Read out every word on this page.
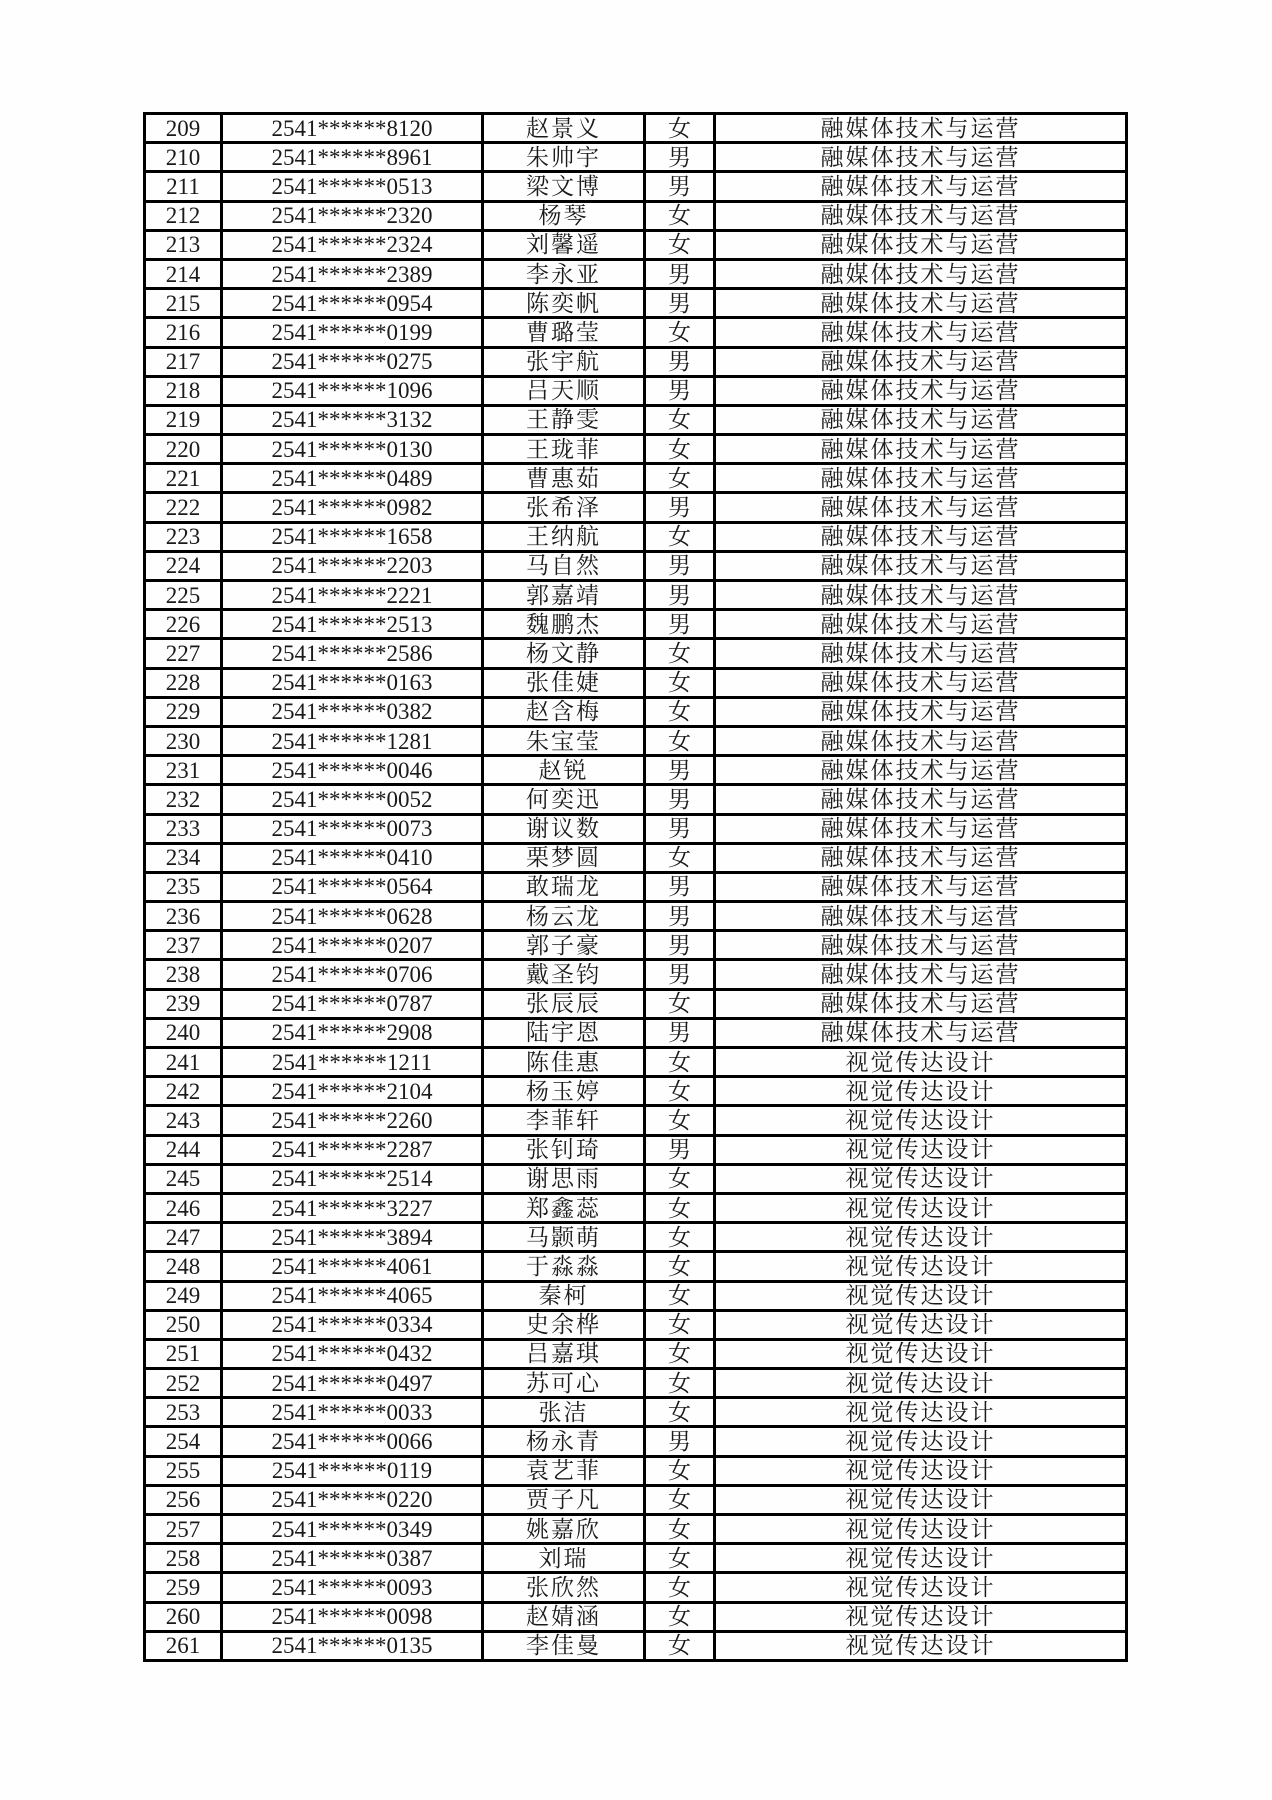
209	2541******8120	赵景义	女	融媒体技术与运营
210	2541******8961	朱帅宇	男	融媒体技术与运营
211	2541******0513	梁文博	男	融媒体技术与运营
212	2541******2320	杨琴	女	融媒体技术与运营
213	2541******2324	刘馨遥	女	融媒体技术与运营
214	2541******2389	李永亚	男	融媒体技术与运营
215	2541******0954	陈奕帆	男	融媒体技术与运营
216	2541******0199	曹璐莹	女	融媒体技术与运营
217	2541******0275	张宇航	男	融媒体技术与运营
218	2541******1096	吕天顺	男	融媒体技术与运营
219	2541******3132	王静雯	女	融媒体技术与运营
220	2541******0130	王珑菲	女	融媒体技术与运营
221	2541******0489	曹惠茹	女	融媒体技术与运营
222	2541******0982	张希泽	男	融媒体技术与运营
223	2541******1658	王纳航	女	融媒体技术与运营
224	2541******2203	马自然	男	融媒体技术与运营
225	2541******2221	郭嘉靖	男	融媒体技术与运营
226	2541******2513	魏鹏杰	男	融媒体技术与运营
227	2541******2586	杨文静	女	融媒体技术与运营
228	2541******0163	张佳婕	女	融媒体技术与运营
229	2541******0382	赵含梅	女	融媒体技术与运营
230	2541******1281	朱宝莹	女	融媒体技术与运营
231	2541******0046	赵锐	男	融媒体技术与运营
232	2541******0052	何奕迅	男	融媒体技术与运营
233	2541******0073	谢议数	男	融媒体技术与运营
234	2541******0410	栗梦圆	女	融媒体技术与运营
235	2541******0564	敢瑞龙	男	融媒体技术与运营
236	2541******0628	杨云龙	男	融媒体技术与运营
237	2541******0207	郭子豪	男	融媒体技术与运营
238	2541******0706	戴圣钧	男	融媒体技术与运营
239	2541******0787	张辰辰	女	融媒体技术与运营
240	2541******2908	陆宇恩	男	融媒体技术与运营
241	2541******1211	陈佳惠	女	视觉传达设计
242	2541******2104	杨玉婷	女	视觉传达设计
243	2541******2260	李菲轩	女	视觉传达设计
244	2541******2287	张钊琦	男	视觉传达设计
245	2541******2514	谢思雨	女	视觉传达设计
246	2541******3227	郑鑫蕊	女	视觉传达设计
247	2541******3894	马颢萌	女	视觉传达设计
248	2541******4061	于淼淼	女	视觉传达设计
249	2541******4065	秦柯	女	视觉传达设计
250	2541******0334	史余桦	女	视觉传达设计
251	2541******0432	吕嘉琪	女	视觉传达设计
252	2541******0497	苏可心	女	视觉传达设计
253	2541******0033	张洁	女	视觉传达设计
254	2541******0066	杨永青	男	视觉传达设计
255	2541******0119	袁艺菲	女	视觉传达设计
256	2541******0220	贾子凡	女	视觉传达设计
257	2541******0349	姚嘉欣	女	视觉传达设计
258	2541******0387	刘瑞	女	视觉传达设计
259	2541******0093	张欣然	女	视觉传达设计
260	2541******0098	赵婧涵	女	视觉传达设计
261	2541******0135	李佳曼	女	视觉传达设计
